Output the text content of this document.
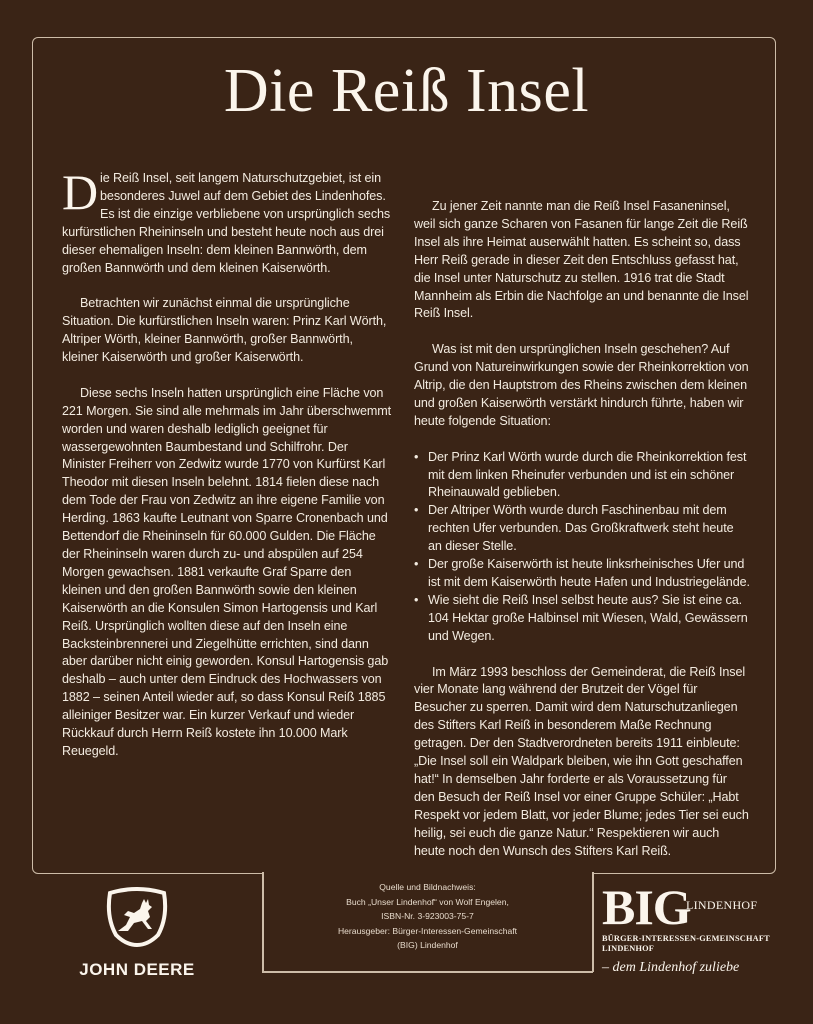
Die Reiß Insel

Die Reiß Insel, seit langem Naturschutzgebiet, ist ein besonderes Juwel auf dem Gebiet des Lindenhofes. Es ist die einzige verbliebene von ursprünglich sechs kurfürstlichen Rheininseln und besteht heute noch aus drei dieser ehemaligen Inseln: dem kleinen Bannwörth, dem großen Bannwörth und dem kleinen Kaiserwörth.

Betrachten wir zunächst einmal die ursprüngliche Situation. Die kurfürstlichen Inseln waren: Prinz Karl Wörth, Altriper Wörth, kleiner Bannwörth, großer Bannwörth, kleiner Kaiserwörth und großer Kaiserwörth.

Diese sechs Inseln hatten ursprünglich eine Fläche von 221 Morgen. Sie sind alle mehrmals im Jahr überschwemmt worden und waren deshalb lediglich geeignet für wassergewohnten Baumbestand und Schilfrohr. Der Minister Freiherr von Zedwitz wurde 1770 von Kurfürst Karl Theodor mit diesen Inseln belehnt. 1814 fielen diese nach dem Tode der Frau von Zedwitz an ihre eigene Familie von Herding. 1863 kaufte Leutnant von Sparre Cronenbach und Bettendorf die Rheininseln für 60.000 Gulden. Die Fläche der Rheininseln waren durch zu- und abspülen auf 254 Morgen gewachsen. 1881 verkaufte Graf Sparre den kleinen und den großen Bannwörth sowie den kleinen Kaiserwörth an die Konsulen Simon Hartogensis und Karl Reiß. Ursprünglich wollten diese auf den Inseln eine Backsteinbrennerei und Ziegelhütte errichten, sind dann aber darüber nicht einig geworden. Konsul Hartogensis gab deshalb – auch unter dem Eindruck des Hochwassers von 1882 – seinen Anteil wieder auf, so dass Konsul Reiß 1885 alleiniger Besitzer war. Ein kurzer Verkauf und wieder Rückkauf durch Herrn Reiß kostete ihn 10.000 Mark Reuegeld.

Zu jener Zeit nannte man die Reiß Insel Fasaneninsel, weil sich ganze Scharen von Fasanen für lange Zeit die Reiß Insel als ihre Heimat auserwählt hatten. Es scheint so, dass Herr Reiß gerade in dieser Zeit den Entschluss gefasst hat, die Insel unter Naturschutz zu stellen. 1916 trat die Stadt Mannheim als Erbin die Nachfolge an und benannte die Insel Reiß Insel.

Was ist mit den ursprünglichen Inseln geschehen? Auf Grund von Natureinwirkungen sowie der Rheinkorrektion von Altrip, die den Hauptstrom des Rheins zwischen dem kleinen und großen Kaiserwörth verstärkt hindurch führte, haben wir heute folgende Situation:

• Der Prinz Karl Wörth wurde durch die Rheinkorrektion fest mit dem linken Rheinufer verbunden und ist ein schöner Rheinauwald geblieben.
• Der Altriper Wörth wurde durch Faschinenbau mit dem rechten Ufer verbunden. Das Großkraftwerk steht heute an dieser Stelle.
• Der große Kaiserwörth ist heute linksrheinisches Ufer und ist mit dem Kaiserwörth heute Hafen und Industriegelände.
• Wie sieht die Reiß Insel selbst heute aus? Sie ist eine ca. 104 Hektar große Halbinsel mit Wiesen, Wald, Gewässern und Wegen.

Im März 1993 beschloss der Gemeinderat, die Reiß Insel vier Monate lang während der Brutzeit der Vögel für Besucher zu sperren. Damit wird dem Naturschutzanliegen des Stifters Karl Reiß in besonderem Maße Rechnung getragen. Der den Stadtverordneten bereits 1911 einbleute: „Die Insel soll ein Waldpark bleiben, wie ihn Gott geschaffen hat!“ In demselben Jahr forderte er als Voraussetzung für den Besuch der Reiß Insel vor einer Gruppe Schüler: „Habt Respekt vor jedem Blatt, vor jeder Blume; jedes Tier sei euch heilig, sei euch die ganze Natur.“ Respektieren wir auch heute noch den Wunsch des Stifters Karl Reiß.

Quelle und Bildnachweis:
Buch „Unser Lindenhof“ von Wolf Engelen,
ISBN-Nr. 3-923003-75-7
Herausgeber: Bürger-Interessen-Gemeinschaft
(BIG) Lindenhof
JOHN DEERE
BIG
LINDENHOF
BÜRGER-INTERESSEN-GEMEINSCHAFT
LINDENHOF
– dem Lindenhof zuliebe
